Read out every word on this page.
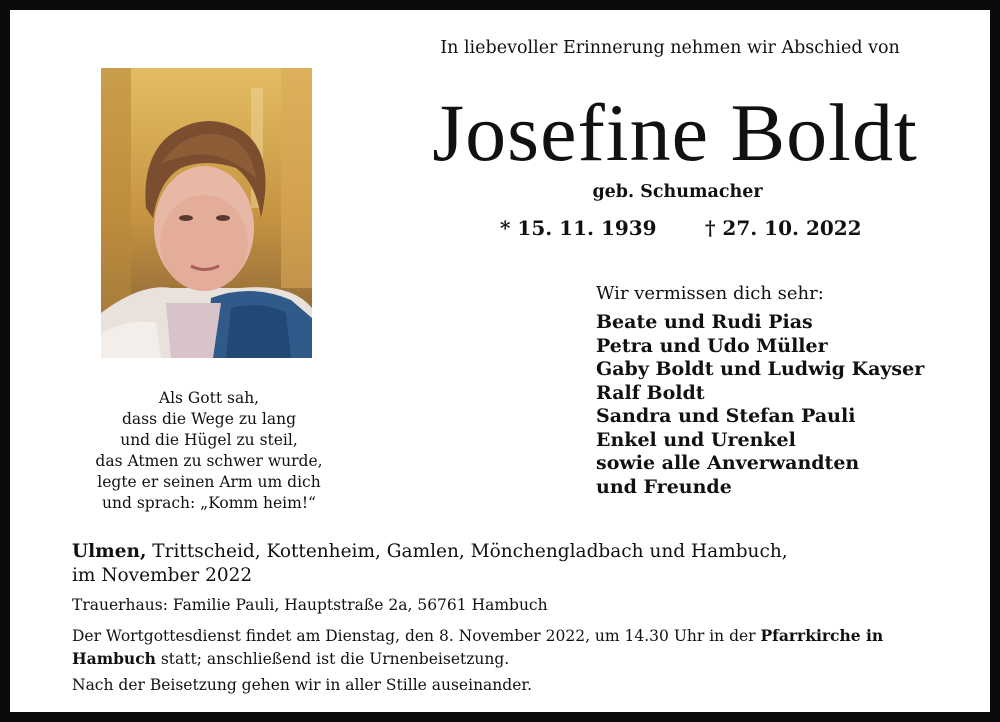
In liebevoller Erinnerung nehmen wir Abschied von
Josefine Boldt
geb. Schumacher
* 15. 11. 1939 † 27. 10. 2022
Als Gott sah,
dass die Wege zu lang
und die Hügel zu steil,
das Atmen zu schwer wurde,
legte er seinen Arm um dich
und sprach: „Komm heim!“
Wir vermissen dich sehr:
Beate und Rudi Pias
Petra und Udo Müller
Gaby Boldt und Ludwig Kayser
Ralf Boldt
Sandra und Stefan Pauli
Enkel und Urenkel
sowie alle Anverwandten
und Freunde
Ulmen, Trittscheid, Kottenheim, Gamlen, Mönchengladbach und Hambuch,
im November 2022
Trauerhaus: Familie Pauli, Hauptstraße 2a, 56761 Hambuch
Der Wortgottesdienst findet am Dienstag, den 8. November 2022, um 14.30 Uhr in der Pfarrkirche in
Hambuch statt; anschließend ist die Urnenbeisetzung.
Nach der Beisetzung gehen wir in aller Stille auseinander.
